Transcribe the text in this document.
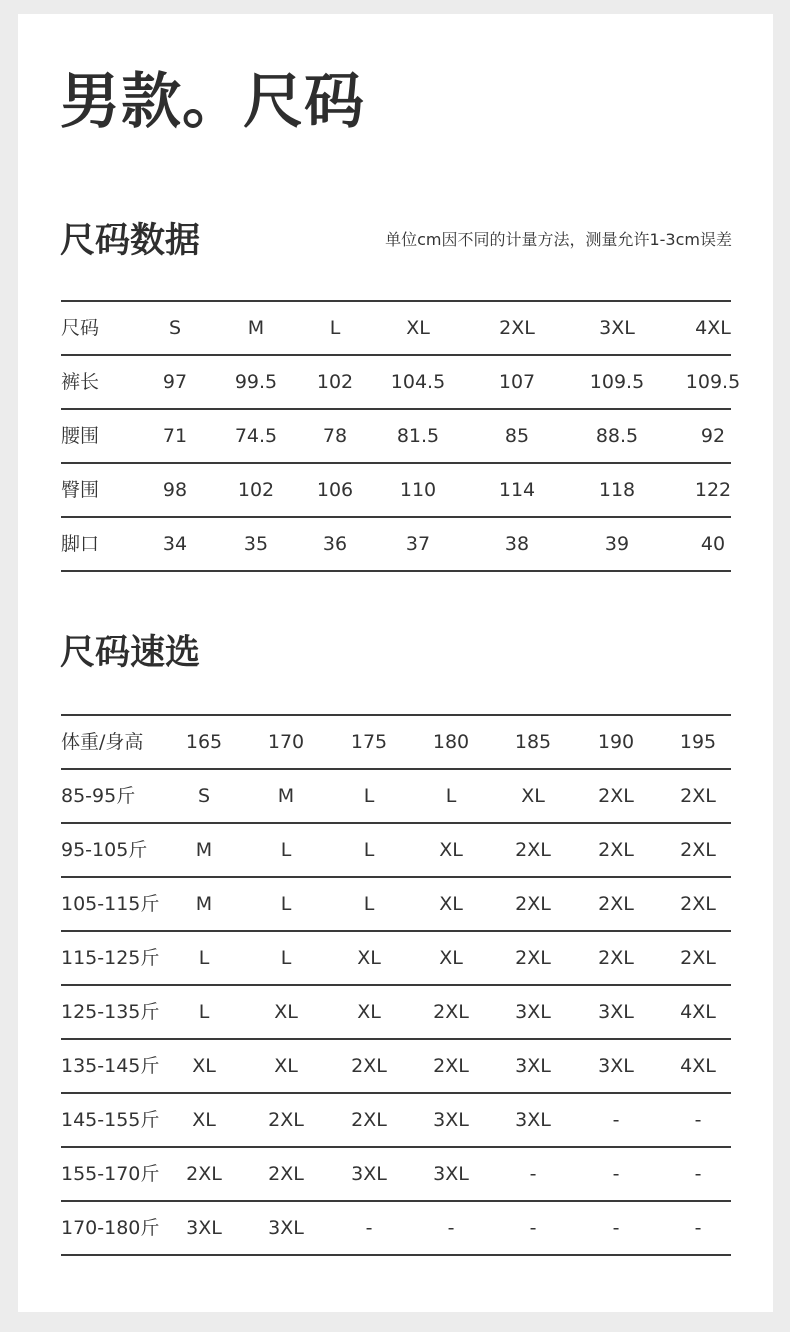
男款。尺码
尺码数据	单位cm因不同的计量方法，测量允许1-3cm误差
尺码	S	M	L	XL	2XL	3XL	4XL
裤长	97	99.5 102 104.5	107	109.5 109.5
腰围	71	74.5 78	81.5	85	88.5	92
臀围	98	102 106 110	114	118	122
脚口	34	35	36	37	38	39	40
尺码速选
体重/身高 165 170 175 180 185 190 195
85-95斤	S	M	L	L	XL	2XL 2XL
95-105斤	M	L	L	XL	2XL 2XL 2XL
105-115斤 M	L	L	XL	2XL 2XL 2XL
115-125斤 L	L	XL	XL	2XL 2XL 2XL
125-135斤 L	XL	XL	2XL 3XL 3XL 4XL
135-145斤 XL	XL	2XL 2XL 3XL 3XL 4XL
145-155斤 XL	2XL 2XL 3XL 3XL	-	-
155-170斤 2XL 2XL 3XL 3XL	-	-	-
170-180斤 3XL 3XL	-	-	-	-	-
